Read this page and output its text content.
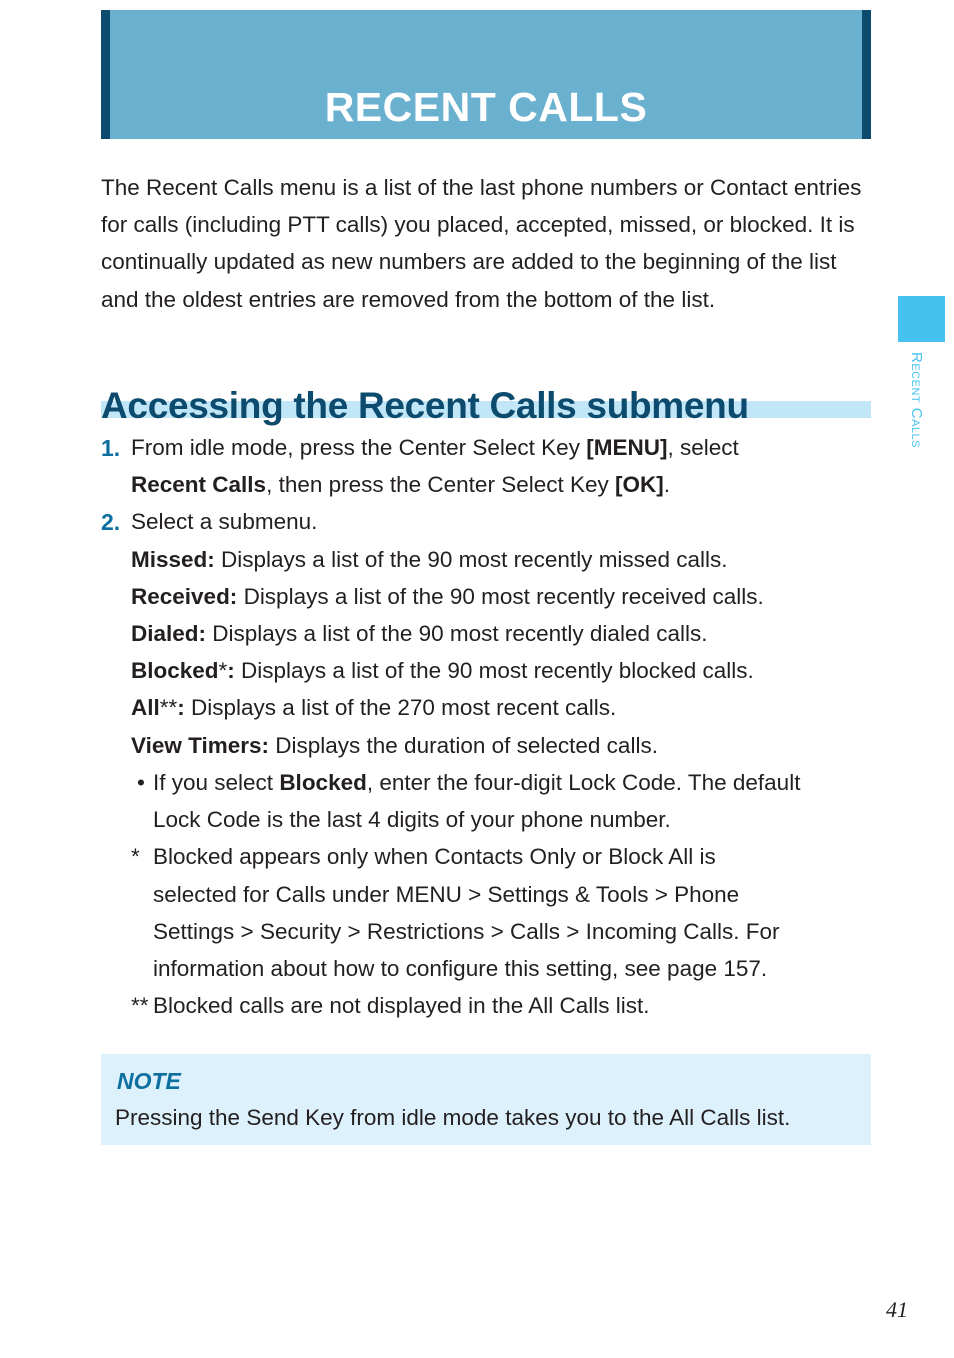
RECENT CALLS

The Recent Calls menu is a list of the last phone numbers or Contact entries for calls (including PTT calls) you placed, accepted, missed, or blocked. It is continually updated as new numbers are added to the beginning of the list and the oldest entries are removed from the bottom of the list.

Accessing the Recent Calls submenu
1. From idle mode, press the Center Select Key [MENU], select
Recent Calls, then press the Center Select Key [OK].
2. Select a submenu.
Missed: Displays a list of the 90 most recently missed calls.
Received: Displays a list of the 90 most recently received calls.
Dialed: Displays a list of the 90 most recently dialed calls.
Blocked*: Displays a list of the 90 most recently blocked calls.
All**: Displays a list of the 270 most recent calls.
View Timers: Displays the duration of selected calls.
• If you select Blocked, enter the four-digit Lock Code. The default
Lock Code is the last 4 digits of your phone number.
* Blocked appears only when Contacts Only or Block All is
selected for Calls under MENU > Settings & Tools > Phone
Settings > Security > Restrictions > Calls > Incoming Calls. For
information about how to configure this setting, see page 157.
** Blocked calls are not displayed in the All Calls list.
NOTE
Pressing the Send Key from idle mode takes you to the All Calls list.
Recent Calls
41
